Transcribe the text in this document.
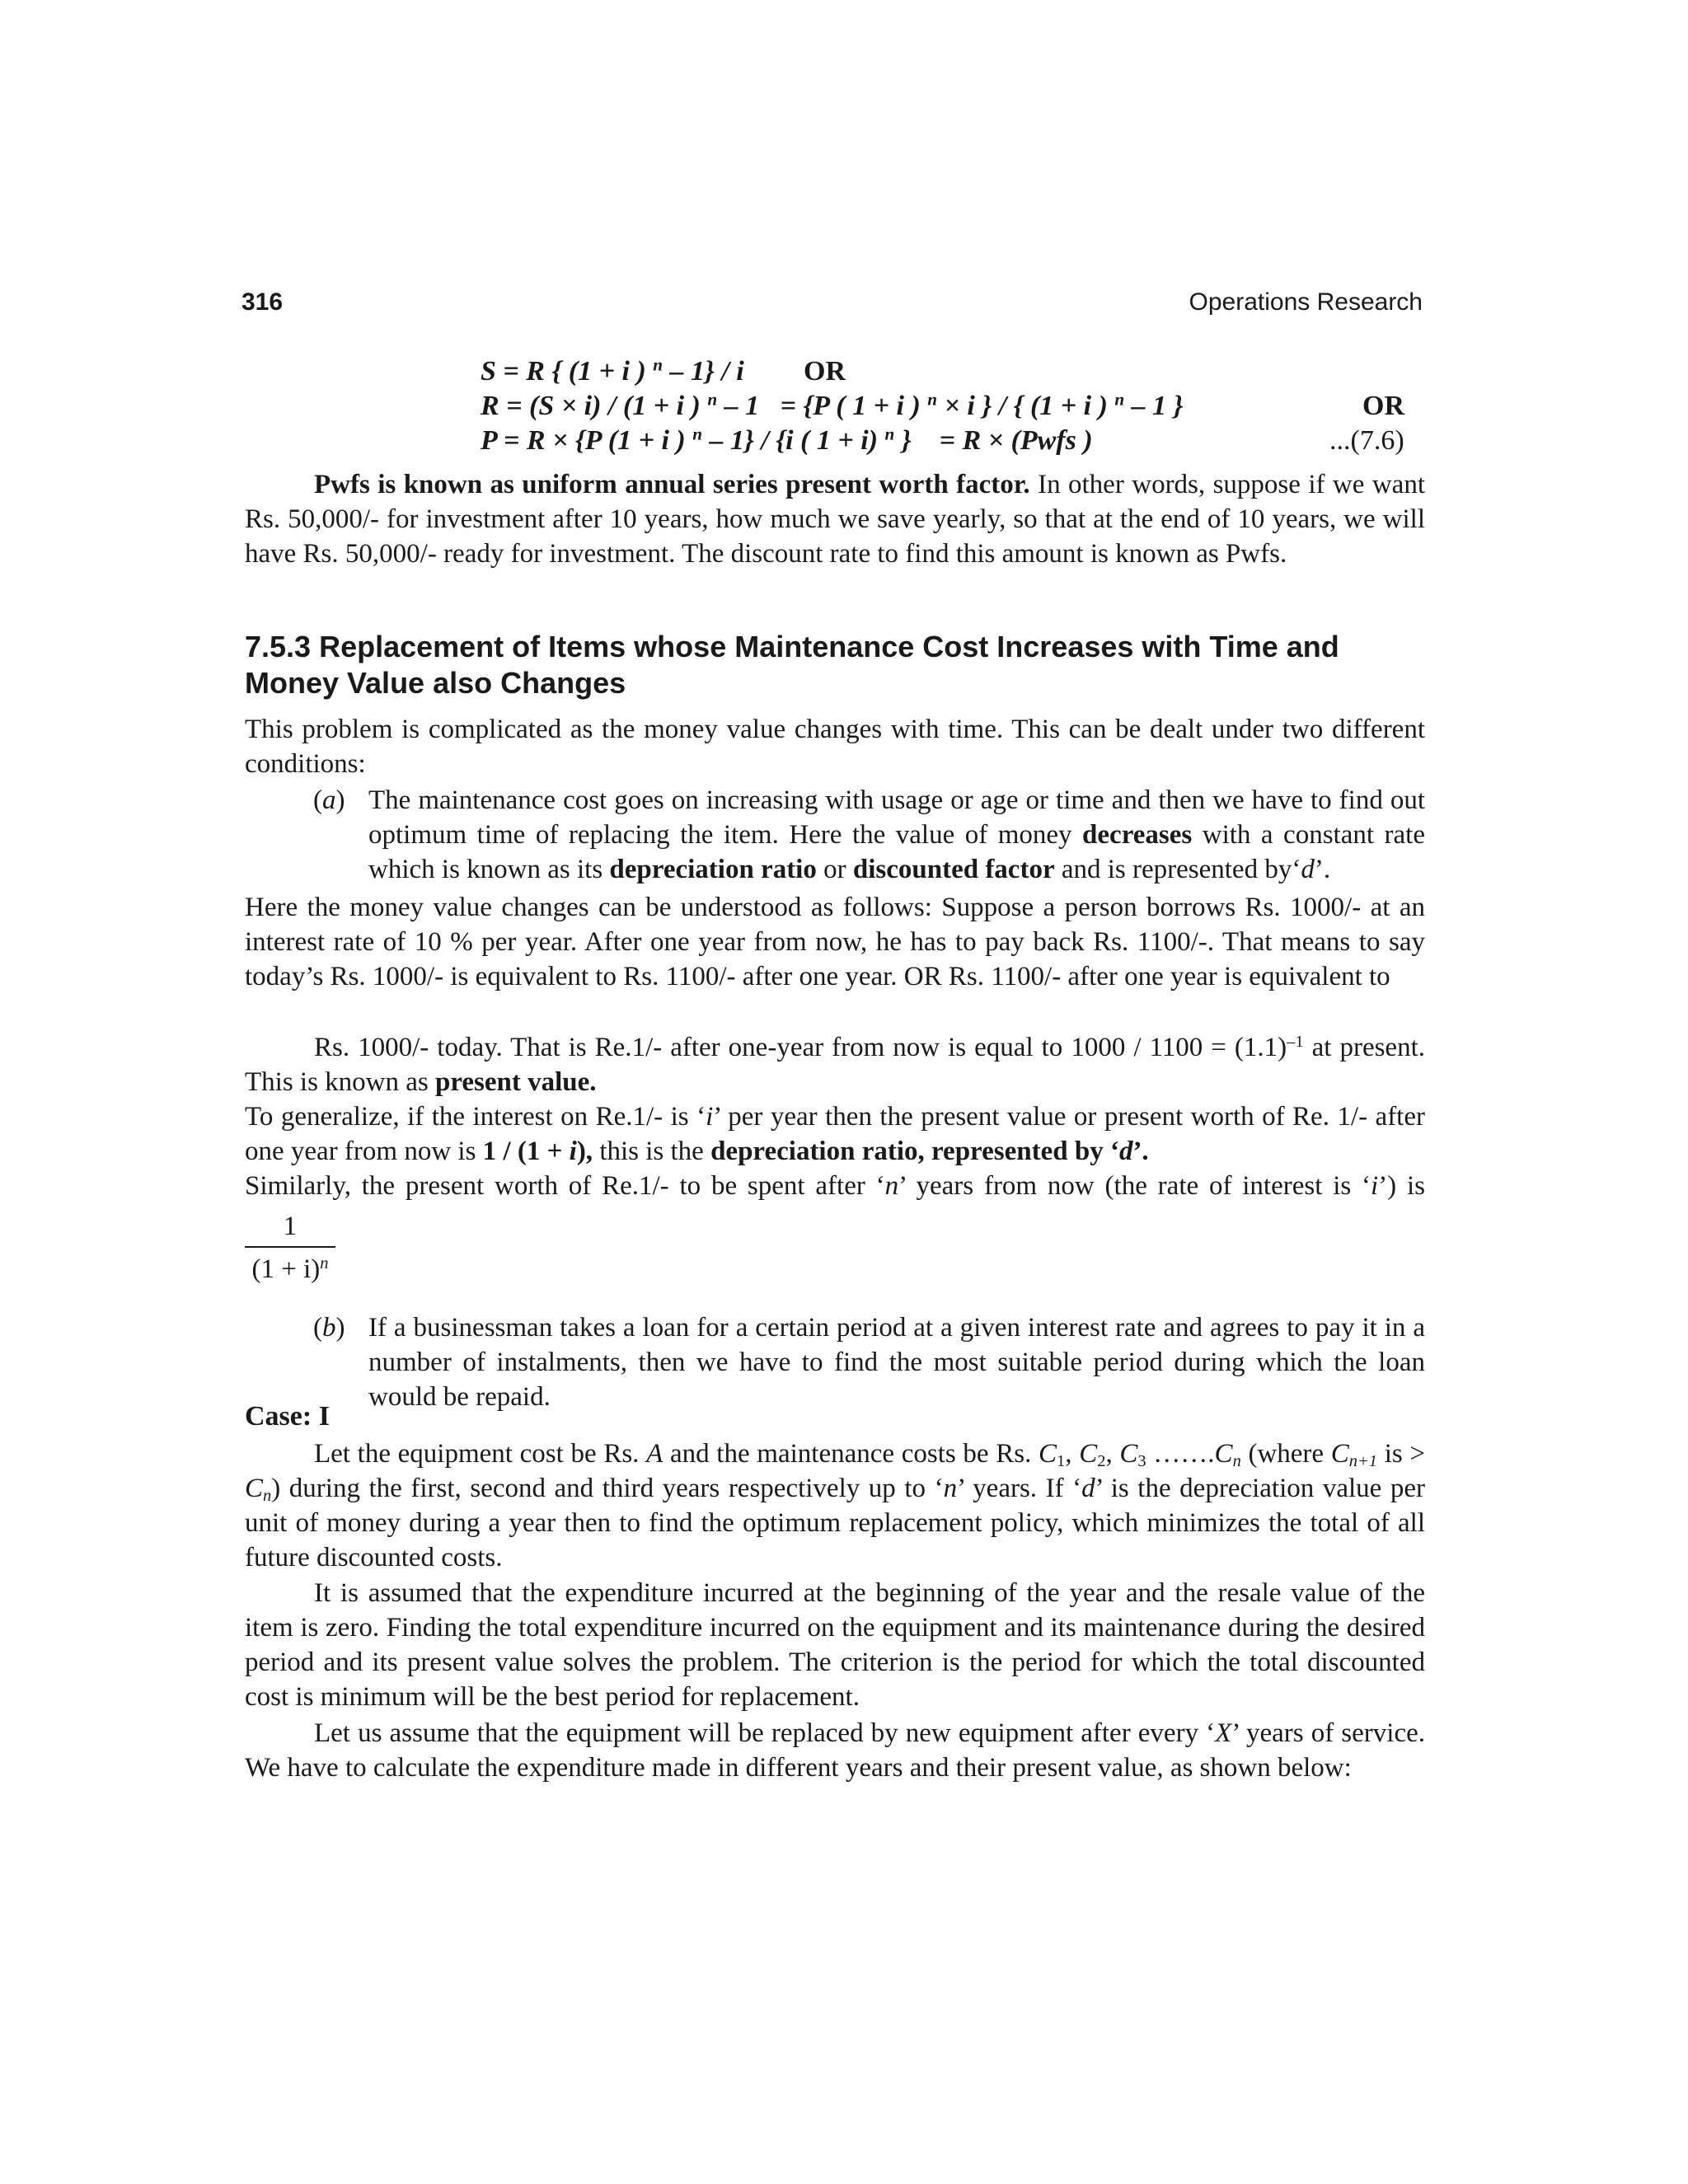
316	Operations Research
S = R { (1 + i ) $^n$ – 1} / i OR
R = (S × i) / (1 + i ) $^n$ – 1   = {P ( 1 + i ) $^n$ × i } / { (1 + i ) $^n$ – 1 }	OR
P = R × {P (1 + i ) $^n$ – 1} / {i ( 1 + i) $^n$ }    = R × (Pwfs )	...(7.6)
Pwfs is known as uniform annual series present worth factor. In other words, suppose if we want Rs. 50,000/- for investment after 10 years, how much we save yearly, so that at the end of 10 years, we will have Rs. 50,000/- ready for investment. The discount rate to find this amount is known as Pwfs.
7.5.3 Replacement of Items whose Maintenance Cost Increases with Time and
Money Value also Changes
This problem is complicated as the money value changes with time. This can be dealt under two different conditions:
(a) The maintenance cost goes on increasing with usage or age or time and then we have to find out optimum time of replacing the item. Here the value of money decreases with a constant rate which is known as its depreciation ratio or discounted factor and is represented by‘d’.
Here the money value changes can be understood as follows: Suppose a person borrows Rs. 1000/- at an interest rate of 10 % per year. After one year from now, he has to pay back Rs. 1100/-. That means to say today’s Rs. 1000/- is equivalent to Rs. 1100/- after one year. OR Rs. 1100/- after one year is equivalent to
Rs. 1000/- today. That is Re.1/- after one-year from now is equal to $1000 / 1100 = (1.1)^{-1}$ at present. This is known as present value.
To generalize, if the interest on Re.1/- is ‘i’ per year then the present value or present worth of Re. 1/- after one year from now is 1 / (1 + i), this is the depreciation ratio, represented by ‘d’.
Similarly, the present worth of Re.1/- to be spent after ‘n’ years from now (the rate of interest is ‘i’) is
1
$(1 + i)^n$
(b) If a businessman takes a loan for a certain period at a given interest rate and agrees to pay it in a number of instalments, then we have to find the most suitable period during which the loan would be repaid.
Case: I
Let the equipment cost be Rs. A and the maintenance costs be Rs. $C_1$, $C_2$, $C_3$ $\dots\dots.C_n$ (where $C_{n+1}$ is > $C_n$) during the first, second and third years respectively up to ‘n’ years. If ‘d’ is the depreciation value per unit of money during a year then to find the optimum replacement policy, which minimizes the total of all future discounted costs.
It is assumed that the expenditure incurred at the beginning of the year and the resale value of the item is zero. Finding the total expenditure incurred on the equipment and its maintenance during the desired period and its present value solves the problem. The criterion is the period for which the total discounted cost is minimum will be the best period for replacement.
Let us assume that the equipment will be replaced by new equipment after every ‘X’ years of service. We have to calculate the expenditure made in different years and their present value, as shown below:
